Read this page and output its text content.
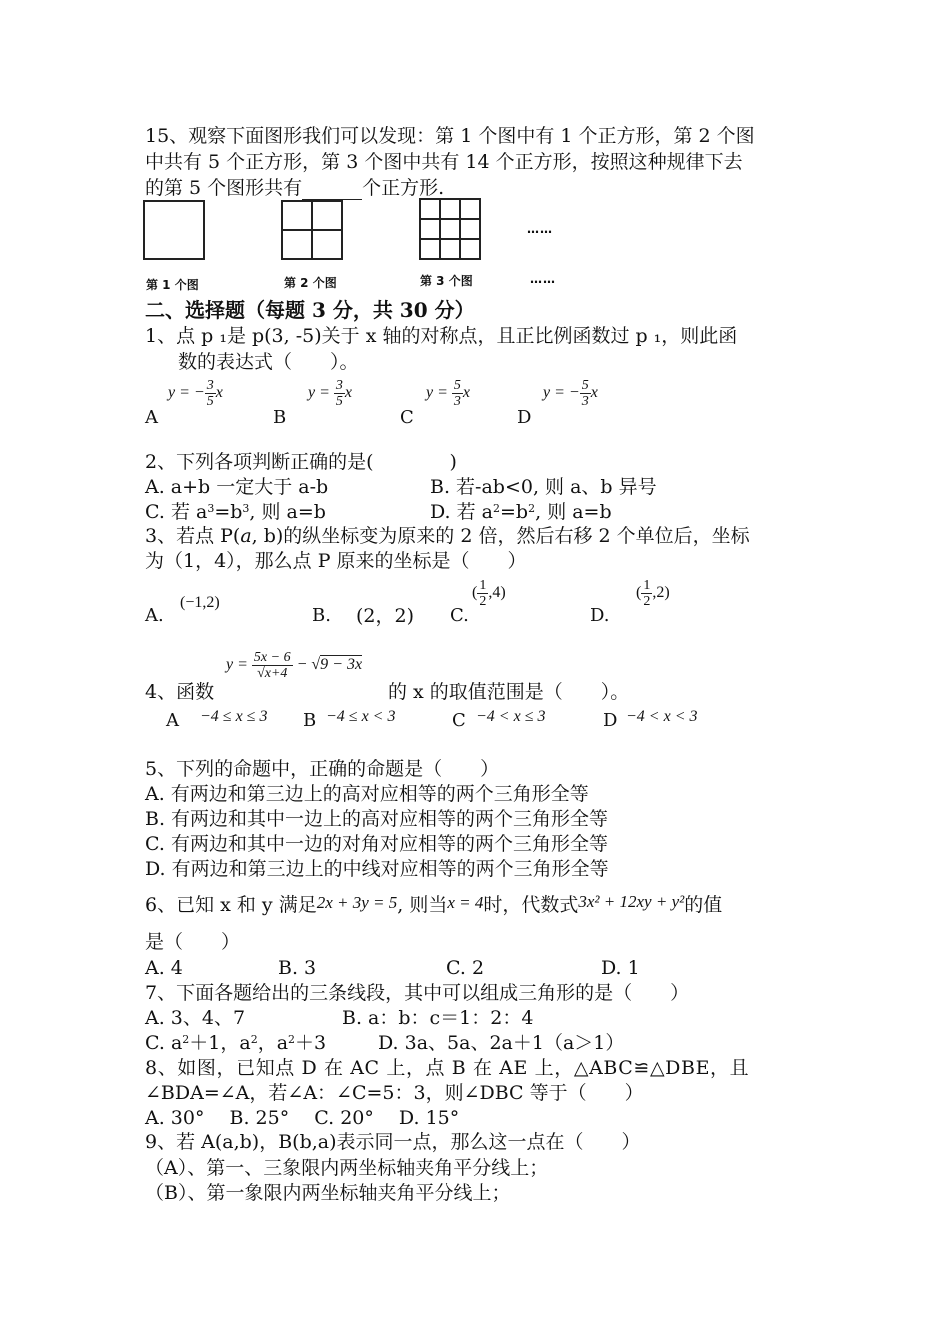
15、观察下面图形我们可以发现：第 1 个图中有 1 个正方形，第 2 个图
中共有 5 个正方形，第 3 个图中共有 14 个正方形，按照这种规律下去
的第 5 个图形共有	个正方形.
……
第 1 个图	第 2 个图	第 3 个图	……
二、选择题（每题 3 分，共 30 分）
1、点 p ₁是 p(3, -5)关于 x 轴的对称点，且正比例函数过 p ₁，则此函
数的表达式（　　）。
A	B	C	D
y = − $\frac{3}{5}$ x	$y = \frac{3}{5}$ x	$y = \frac{5}{3}$ x	y = − $\frac{5}{3}$ x
2、下列各项判断正确的是(　　　　)
A. a+b 一定大于 a-b	B. 若-ab<0, 则 a、b 异号
C. 若 $a^3=b^3$, 则 a=b	D. 若 $a^2=b^2$, 则 a=b
3、若点 P(a, b)的纵坐标变为原来的 2 倍，然后右移 2 个单位后，坐标
为（1，4），那么点 P 原来的坐标是（　　）
A.
(−1,2)
B. (2，2) C.
( $\frac{1}{2} ,4$)
D.
( $\frac{1}{2} ,2$)
$y = \frac{5x - 6}{√x+4} - √9 - 3x$
4、函数	的 x 的取值范围是（　　）。
A −4 ≤ x ≤ 3 B −4 ≤ x < 3	C −4 < x ≤ 3	D −4 < x < 3
5、下列的命题中，正确的命题是（　　）
A. 有两边和第三边上的高对应相等的两个三角形全等
B. 有两边和其中一边上的高对应相等的两个三角形全等
C. 有两边和其中一边的对角对应相等的两个三角形全等
D. 有两边和第三边上的中线对应相等的两个三角形全等
6、已知 x 和 y 满足2x + 3y = 5, 则当x = 4时，代数式3x² + 12xy + y²的值
是（　　）
A. 4	B. 3	C. 2	D. 1
7、下面各题给出的三条线段，其中可以组成三角形的是（　　）
A. 3、4、7	B. a：b：c＝1：2：4
C. $a^2+1$，$a^2$，$a^2+3$	D. 3a、5a、2a＋1（a＞1）
8、如图，已知点 D 在 AC 上，点 B 在 AE 上，△ABC≌△DBE，且
∠BDA=∠A，若∠A：∠C=5：3，则∠DBC 等于（　　）
A. 30°　 B. 25°　 C. 20°　 D. 15°
9、若 A(a,b)，B(b,a)表示同一点，那么这一点在（　　）
（A）、第一、三象限内两坐标轴夹角平分线上；
（B）、第一象限内两坐标轴夹角平分线上；
